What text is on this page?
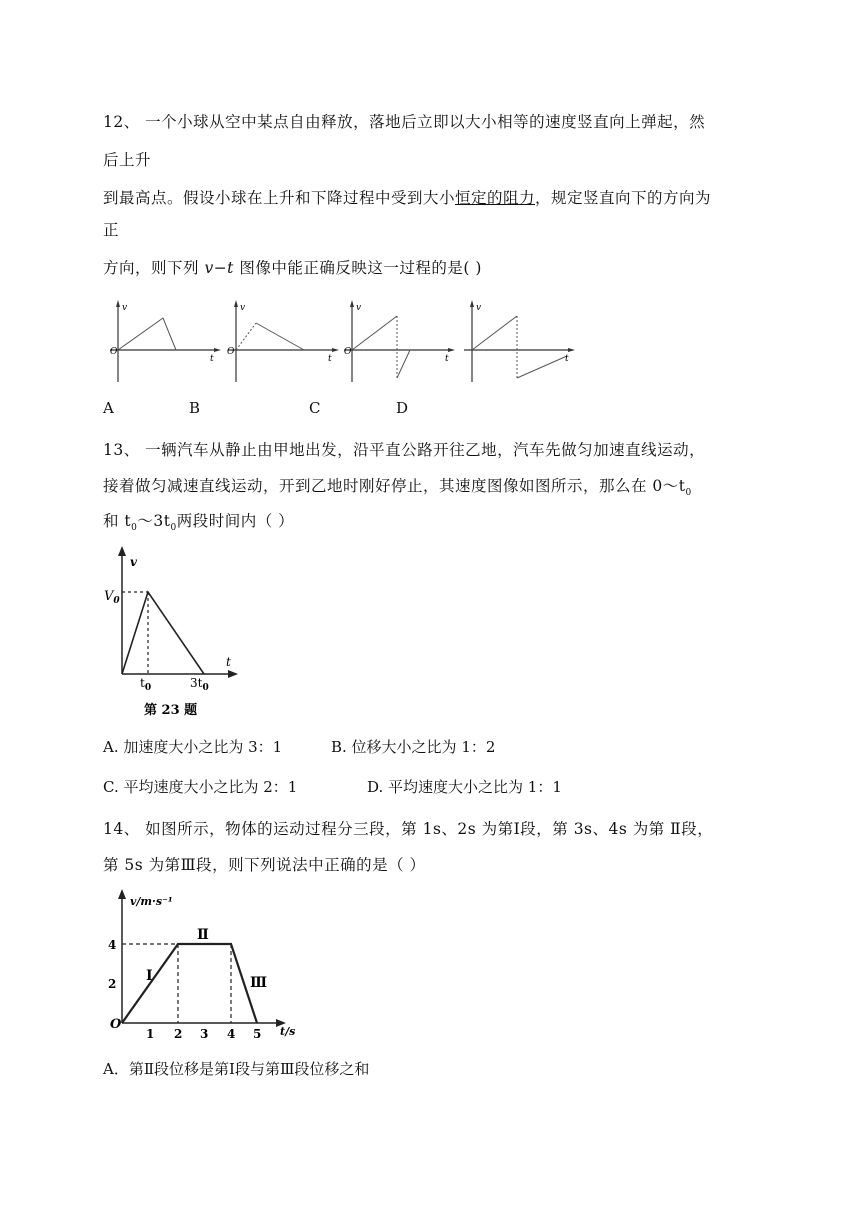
12、 一个小球从空中某点自由释放，落地后立即以大小相等的速度竖直向上弹起，然
后上升
到最高点。假设小球在上升和下降过程中受到大小恒定的阻力，规定竖直向下的方向为
正
方向，则下列 v−t 图像中能正确反映这一过程的是( )
v
t
O
v
t
O
v
t
O
v
t
A	B	C	D
13、 一辆汽车从静止由甲地出发，沿平直公路开往乙地，汽车先做匀加速直线运动，
接着做匀减速直线运动，开到乙地时刚好停止，其速度图像如图所示，那么在 $0\sim t_0$
和 $t_0\sim 3t_0$两段时间内（ ）
v
t
$V_0$
$t_0$	$3t_0$
第 23 题
A. 加速度大小之比为 3：1	B. 位移大小之比为 1：2
C. 平均速度大小之比为 2：1	D. 平均速度大小之比为 1：1
14、 如图所示，物体的运动过程分三段，第 1s、2s 为第Ⅰ段，第 3s、4s 为第 Ⅱ段，
第 5s 为第Ⅲ段，则下列说法中正确的是（ ）
v/m·s⁻¹
t/s
O
2
4
1 2 3 4 5
Ⅰ
Ⅱ
Ⅲ
A．第Ⅱ段位移是第Ⅰ段与第Ⅲ段位移之和
